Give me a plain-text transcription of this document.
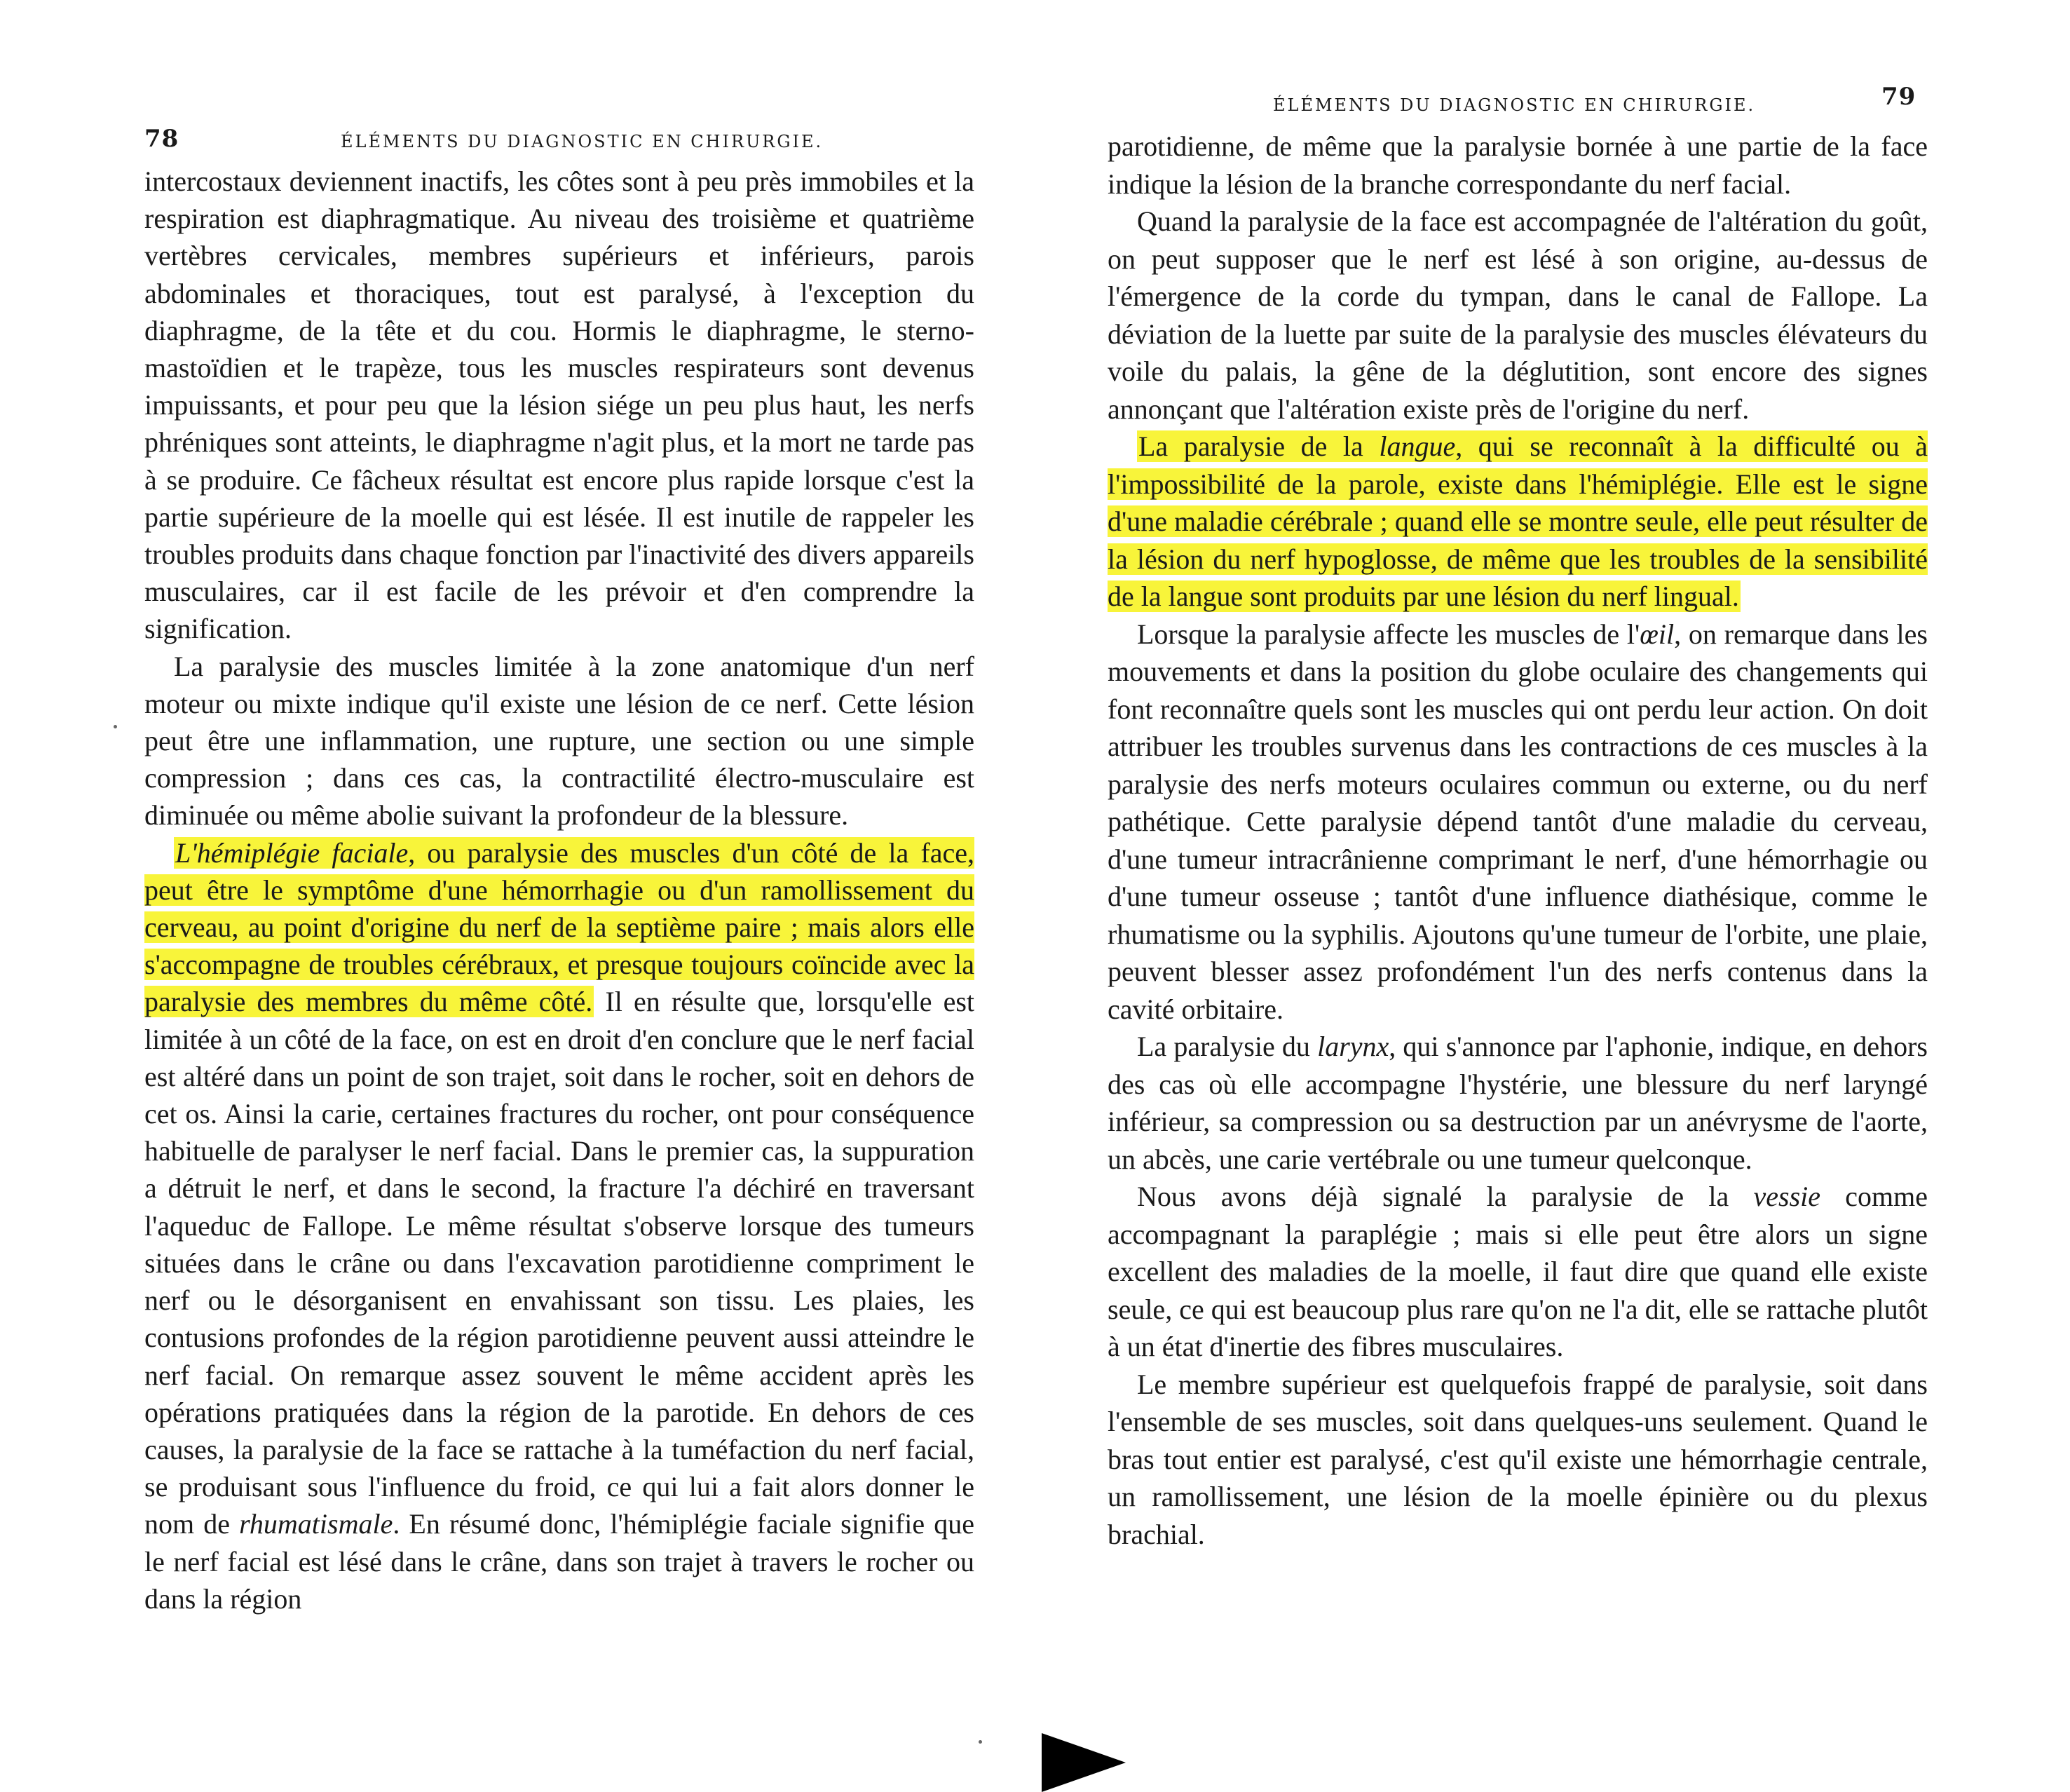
78	ÉLÉMENTS DU DIAGNOSTIC EN CHIRURGIE.

intercostaux deviennent inactifs, les côtes sont à peu près immobiles et la respiration est diaphragmatique. Au niveau des troisième et quatrième vertèbres cervicales, membres supérieurs et inférieurs, parois abdominales et thoraciques, tout est paralysé, à l'exception du diaphragme, de la tête et du cou. Hormis le diaphragme, le sterno-mastoïdien et le trapèze, tous les muscles respirateurs sont devenus impuissants, et pour peu que la lésion siége un peu plus haut, les nerfs phréniques sont atteints, le diaphragme n'agit plus, et la mort ne tarde pas à se produire. Ce fâcheux résultat est encore plus rapide lorsque c'est la partie supérieure de la moelle qui est lésée. Il est inutile de rappeler les troubles produits dans chaque fonction par l'inactivité des divers appareils musculaires, car il est facile de les prévoir et d'en comprendre la signification.

La paralysie des muscles limitée à la zone anatomique d'un nerf moteur ou mixte indique qu'il existe une lésion de ce nerf. Cette lésion peut être une inflammation, une rupture, une section ou une simple compression ; dans ces cas, la contractilité électro-musculaire est diminuée ou même abolie suivant la profondeur de la blessure.

L'hémiplégie faciale, ou paralysie des muscles d'un côté de la face, peut être le symptôme d'une hémorrhagie ou d'un ramollissement du cerveau, au point d'origine du nerf de la septième paire ; mais alors elle s'accompagne de troubles cérébraux, et presque toujours coïncide avec la paralysie des membres du même côté. Il en résulte que, lorsqu'elle est limitée à un côté de la face, on est en droit d'en conclure que le nerf facial est altéré dans un point de son trajet, soit dans le rocher, soit en dehors de cet os. Ainsi la carie, certaines fractures du rocher, ont pour conséquence habituelle de paralyser le nerf facial. Dans le premier cas, la suppuration a détruit le nerf, et dans le second, la fracture l'a déchiré en traversant l'aqueduc de Fallope. Le même résultat s'observe lorsque des tumeurs situées dans le crâne ou dans l'excavation parotidienne compriment le nerf ou le désorganisent en envahissant son tissu. Les plaies, les contusions profondes de la région parotidienne peuvent aussi atteindre le nerf facial. On remarque assez souvent le même accident après les opérations pratiquées dans la région de la parotide. En dehors de ces causes, la paralysie de la face se rattache à la tuméfaction du nerf facial, se produisant sous l'influence du froid, ce qui lui a fait alors donner le nom de rhumatismale. En résumé donc, l'hémiplégie faciale signifie que le nerf facial est lésé dans le crâne, dans son trajet à travers le rocher ou dans la région

ÉLÉMENTS DU DIAGNOSTIC EN CHIRURGIE.	79

parotidienne, de même que la paralysie bornée à une partie de la face indique la lésion de la branche correspondante du nerf facial.

Quand la paralysie de la face est accompagnée de l'altération du goût, on peut supposer que le nerf est lésé à son origine, au-dessus de l'émergence de la corde du tympan, dans le canal de Fallope. La déviation de la luette par suite de la paralysie des muscles élévateurs du voile du palais, la gêne de la déglutition, sont encore des signes annonçant que l'altération existe près de l'origine du nerf.

La paralysie de la langue, qui se reconnaît à la difficulté ou à l'impossibilité de la parole, existe dans l'hémiplégie. Elle est le signe d'une maladie cérébrale ; quand elle se montre seule, elle peut résulter de la lésion du nerf hypoglosse, de même que les troubles de la sensibilité de la langue sont produits par une lésion du nerf lingual.

Lorsque la paralysie affecte les muscles de l'œil, on remarque dans les mouvements et dans la position du globe oculaire des changements qui font reconnaître quels sont les muscles qui ont perdu leur action. On doit attribuer les troubles survenus dans les contractions de ces muscles à la paralysie des nerfs moteurs oculaires commun ou externe, ou du nerf pathétique. Cette paralysie dépend tantôt d'une maladie du cerveau, d'une tumeur intracrânienne comprimant le nerf, d'une hémorrhagie ou d'une tumeur osseuse ; tantôt d'une influence diathésique, comme le rhumatisme ou la syphilis. Ajoutons qu'une tumeur de l'orbite, une plaie, peuvent blesser assez profondément l'un des nerfs contenus dans la cavité orbitaire.

La paralysie du larynx, qui s'annonce par l'aphonie, indique, en dehors des cas où elle accompagne l'hystérie, une blessure du nerf laryngé inférieur, sa compression ou sa destruction par un anévrysme de l'aorte, un abcès, une carie vertébrale ou une tumeur quelconque.

Nous avons déjà signalé la paralysie de la vessie comme accompagnant la paraplégie ; mais si elle peut être alors un signe excellent des maladies de la moelle, il faut dire que quand elle existe seule, ce qui est beaucoup plus rare qu'on ne l'a dit, elle se rattache plutôt à un état d'inertie des fibres musculaires.

Le membre supérieur est quelquefois frappé de paralysie, soit dans l'ensemble de ses muscles, soit dans quelques-uns seulement. Quand le bras tout entier est paralysé, c'est qu'il existe une hémorrhagie centrale, un ramollissement, une lésion de la moelle épinière ou du plexus brachial.
